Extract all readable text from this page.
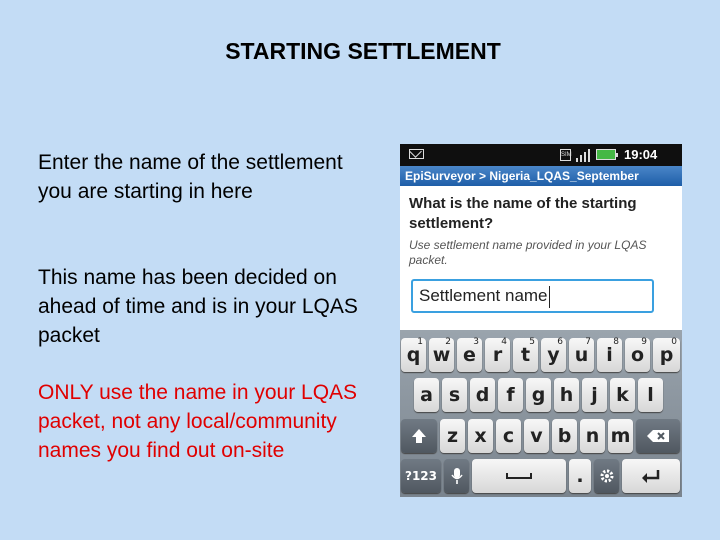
STARTING SETTLEMENT
Enter the name of the settlement you are starting in here
This name has been decided on ahead of time and is in your LQAS packet
ONLY use the name in your LQAS packet, not any local/community names you find out on-site
SIM	19:04
EpiSurveyor > Nigeria_LQAS_September
What is the name of the starting settlement?
Use settlement name provided in your LQAS packet.
Settlement name
1
q
2
w
3
e
4
r
5
t
6
y
7
u
8
i
9
o
0
p
a s d f g h j k l
z x c v b n m
?123	.
